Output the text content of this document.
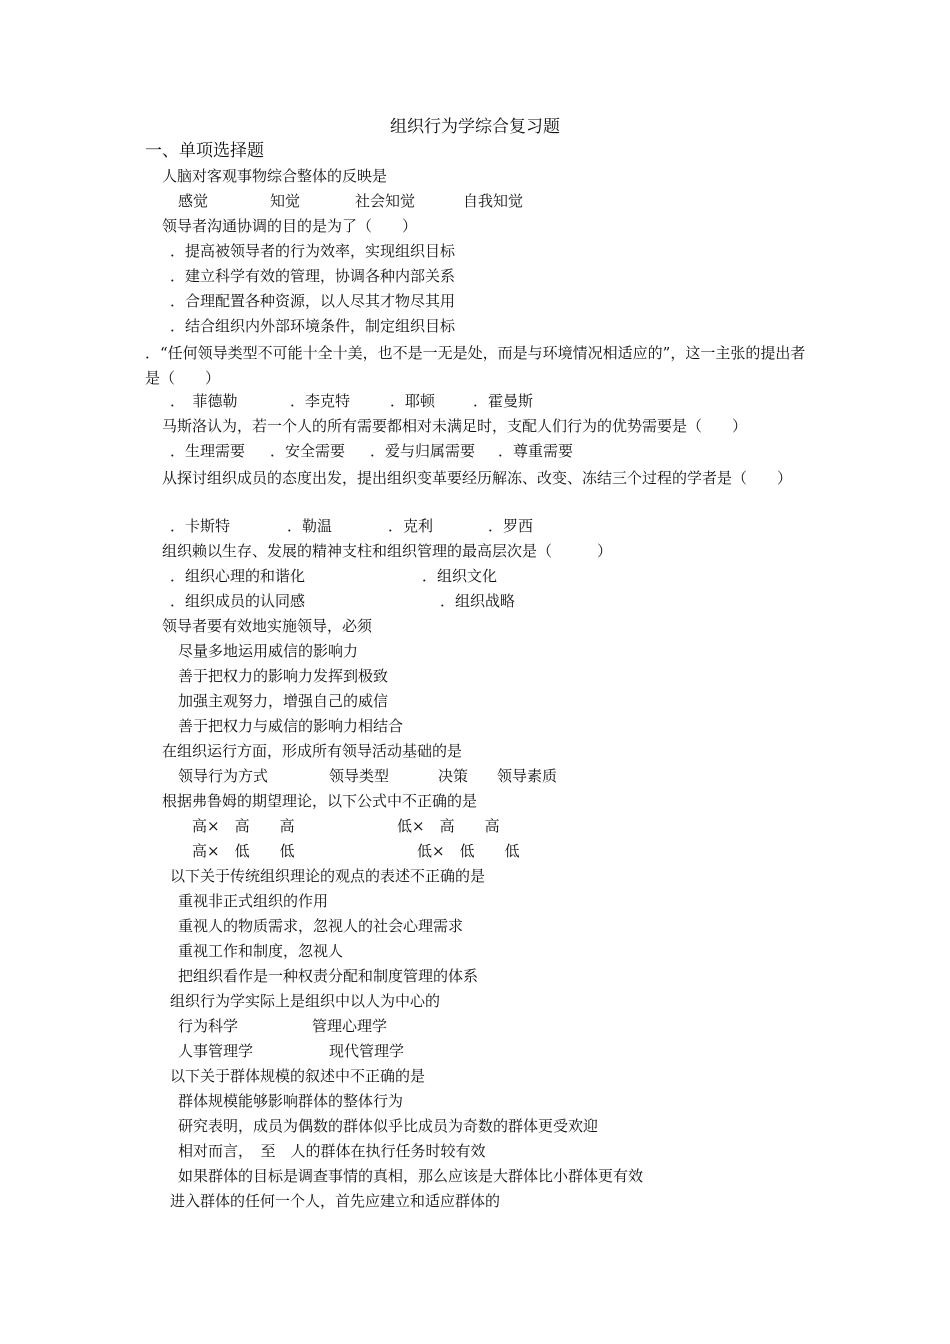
组织行为学综合复习题
一、单项选择题
人脑对客观事物综合整体的反映是
感觉	知觉	社会知觉	自我知觉
领导者沟通协调的目的是为了（　　）
．提高被领导者的行为效率，实现组织目标
．建立科学有效的管理，协调各种内部关系
．合理配置各种资源，以人尽其才物尽其用
．结合组织内外部环境条件，制定组织目标
．“任何领导类型不可能十全十美，也不是一无是处，而是与环境情况相适应的”，这一主张的提出者是（　　）
．　菲德勒	．李克特	．耶顿	．霍曼斯
马斯洛认为，若一个人的所有需要都相对未满足时，支配人们行为的优势需要是（　　）
．生理需要 ．安全需要 ．爱与归属需要 ．尊重需要
从探讨组织成员的态度出发，提出组织变革要经历解冻、改变、冻结三个过程的学者是（　　）
．卡斯特	．勒温	．克利	．罗西
组织赖以生存、发展的精神支柱和组织管理的最高层次是（　　　）
．组织心理的和谐化	．组织文化
．组织成员的认同感	．组织战略
领导者要有效地实施领导，必须
尽量多地运用威信的影响力
善于把权力的影响力发挥到极致
加强主观努力，增强自己的威信
善于把权力与威信的影响力相结合
在组织运行方面，形成所有领导活动基础的是
领导行为方式	领导类型	决策 领导素质
根据弗鲁姆的期望理论，以下公式中不正确的是
高×　高　　高	低×　高　　高
高×　低　　低	低×　低　　低
以下关于传统组织理论的观点的表述不正确的是
重视非正式组织的作用
重视人的物质需求，忽视人的社会心理需求
重视工作和制度，忽视人
把组织看作是一种权责分配和制度管理的体系
组织行为学实际上是组织中以人为中心的
行为科学	管理心理学
人事管理学	现代管理学
以下关于群体规模的叙述中不正确的是
群体规模能够影响群体的整体行为
研究表明，成员为偶数的群体似乎比成员为奇数的群体更受欢迎
相对而言，　至　人的群体在执行任务时较有效
如果群体的目标是调查事情的真相，那么应该是大群体比小群体更有效
进入群体的任何一个人，首先应建立和适应群体的
